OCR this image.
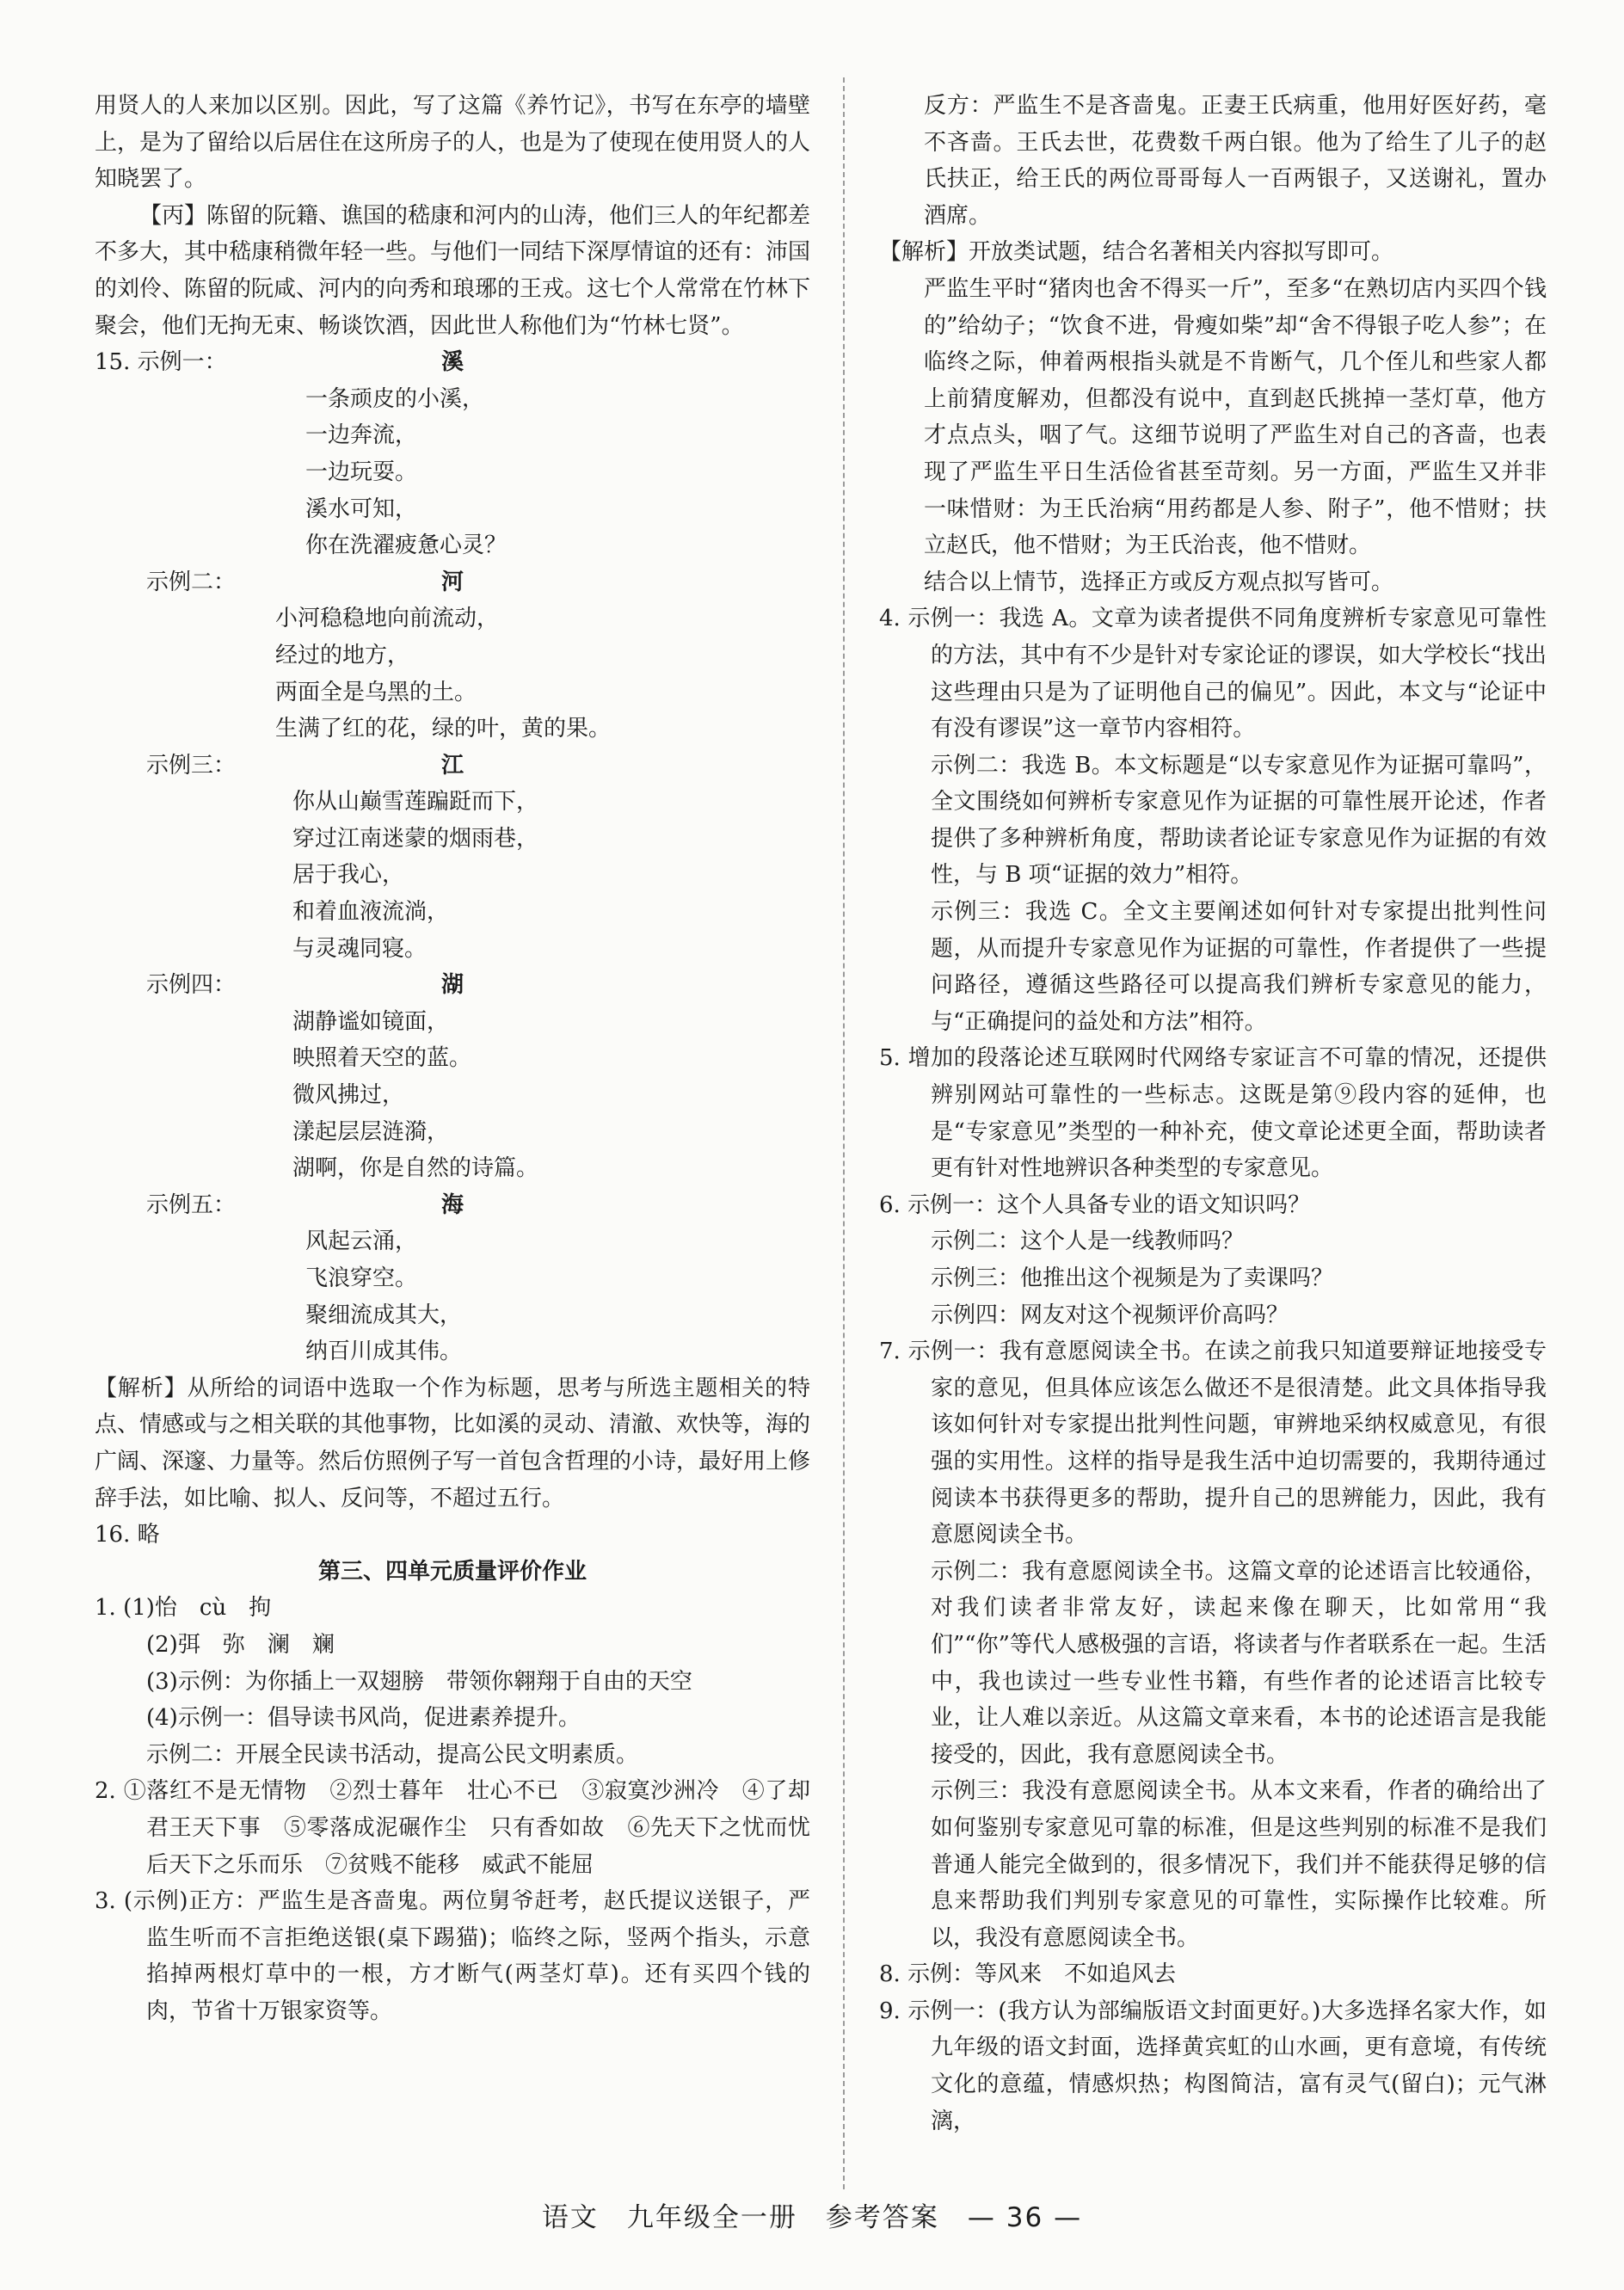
用贤人的人来加以区别。因此，写了这篇《养竹记》，书写在东亭的墙壁上，是为了留给以后居住在这所房子的人，也是为了使现在使用贤人的人知晓罢了。

【丙】陈留的阮籍、谯国的嵇康和河内的山涛，他们三人的年纪都差不多大，其中嵇康稍微年轻一些。与他们一同结下深厚情谊的还有：沛国的刘伶、陈留的阮咸、河内的向秀和琅琊的王戎。这七个人常常在竹林下聚会，他们无拘无束、畅谈饮酒，因此世人称他们为“竹林七贤”。

15. 示例一：	溪

一条顽皮的小溪，

一边奔流，

一边玩耍。

溪水可知，

你在洗濯疲惫心灵？

示例二：	河

小河稳稳地向前流动，

经过的地方，

两面全是乌黑的土。

生满了红的花，绿的叶，黄的果。

示例三：	江

你从山巅雪莲蹁跹而下，

穿过江南迷蒙的烟雨巷，

居于我心，

和着血液流淌，

与灵魂同寝。

示例四：	湖

湖静谧如镜面，

映照着天空的蓝。

微风拂过，

漾起层层涟漪，

湖啊，你是自然的诗篇。

示例五：	海

风起云涌，

飞浪穿空。

聚细流成其大，

纳百川成其伟。

【解析】从所给的词语中选取一个作为标题，思考与所选主题相关的特点、情感或与之相关联的其他事物，比如溪的灵动、清澈、欢快等，海的广阔、深邃、力量等。然后仿照例子写一首包含哲理的小诗，最好用上修辞手法，如比喻、拟人、反问等，不超过五行。

16. 略

第三、四单元质量评价作业

1. (1)怡　cù　拘

(2)弭　弥　澜　斓

(3)示例：为你插上一双翅膀　带领你翱翔于自由的天空

(4)示例一：倡导读书风尚，促进素养提升。

示例二：开展全民读书活动，提高公民文明素质。

2. ①落红不是无情物　②烈士暮年　壮心不已　③寂寞沙洲冷　④了却君王天下事　⑤零落成泥碾作尘　只有香如故　⑥先天下之忧而忧　后天下之乐而乐　⑦贫贱不能移　威武不能屈

3. (示例)正方：严监生是吝啬鬼。两位舅爷赶考，赵氏提议送银子，严监生听而不言拒绝送银(桌下踢猫)；临终之际，竖两个指头，示意掐掉两根灯草中的一根，方才断气(两茎灯草)。还有买四个钱的肉，节省十万银家资等。

反方：严监生不是吝啬鬼。正妻王氏病重，他用好医好药，毫不吝啬。王氏去世，花费数千两白银。他为了给生了儿子的赵氏扶正，给王氏的两位哥哥每人一百两银子，又送谢礼，置办酒席。

【解析】开放类试题，结合名著相关内容拟写即可。

严监生平时“猪肉也舍不得买一斤”，至多“在熟切店内买四个钱的”给幼子；“饮食不进，骨瘦如柴”却“舍不得银子吃人参”；在临终之际，伸着两根指头就是不肯断气，几个侄儿和些家人都上前猜度解劝，但都没有说中，直到赵氏挑掉一茎灯草，他方才点点头，咽了气。这细节说明了严监生对自己的吝啬，也表现了严监生平日生活俭省甚至苛刻。另一方面，严监生又并非一味惜财：为王氏治病“用药都是人参、附子”，他不惜财；扶立赵氏，他不惜财；为王氏治丧，他不惜财。

结合以上情节，选择正方或反方观点拟写皆可。

4. 示例一：我选 A。文章为读者提供不同角度辨析专家意见可靠性的方法，其中有不少是针对专家论证的谬误，如大学校长“找出这些理由只是为了证明他自己的偏见”。因此，本文与“论证中有没有谬误”这一章节内容相符。

示例二：我选 B。本文标题是“以专家意见作为证据可靠吗”，全文围绕如何辨析专家意见作为证据的可靠性展开论述，作者提供了多种辨析角度，帮助读者论证专家意见作为证据的有效性，与 B 项“证据的效力”相符。

示例三：我选 C。全文主要阐述如何针对专家提出批判性问题，从而提升专家意见作为证据的可靠性，作者提供了一些提问路径，遵循这些路径可以提高我们辨析专家意见的能力，与“正确提问的益处和方法”相符。

5. 增加的段落论述互联网时代网络专家证言不可靠的情况，还提供辨别网站可靠性的一些标志。这既是第⑨段内容的延伸，也是“专家意见”类型的一种补充，使文章论述更全面，帮助读者更有针对性地辨识各种类型的专家意见。

6. 示例一：这个人具备专业的语文知识吗？

示例二：这个人是一线教师吗？

示例三：他推出这个视频是为了卖课吗？

示例四：网友对这个视频评价高吗？

7. 示例一：我有意愿阅读全书。在读之前我只知道要辩证地接受专家的意见，但具体应该怎么做还不是很清楚。此文具体指导我该如何针对专家提出批判性问题，审辨地采纳权威意见，有很强的实用性。这样的指导是我生活中迫切需要的，我期待通过阅读本书获得更多的帮助，提升自己的思辨能力，因此，我有意愿阅读全书。

示例二：我有意愿阅读全书。这篇文章的论述语言比较通俗，对我们读者非常友好，读起来像在聊天，比如常用“我们”“你”等代人感极强的言语，将读者与作者联系在一起。生活中，我也读过一些专业性书籍，有些作者的论述语言比较专业，让人难以亲近。从这篇文章来看，本书的论述语言是我能接受的，因此，我有意愿阅读全书。

示例三：我没有意愿阅读全书。从本文来看，作者的确给出了如何鉴别专家意见可靠的标准，但是这些判别的标准不是我们普通人能完全做到的，很多情况下，我们并不能获得足够的信息来帮助我们判别专家意见的可靠性，实际操作比较难。所以，我没有意愿阅读全书。

8. 示例：等风来　不如追风去

9. 示例一：(我方认为部编版语文封面更好。)大多选择名家大作，如九年级的语文封面，选择黄宾虹的山水画，更有意境，有传统文化的意蕴，情感炽热；构图简洁，富有灵气(留白)；元气淋漓，

语文　九年级全一册　参考答案　— 36 —
